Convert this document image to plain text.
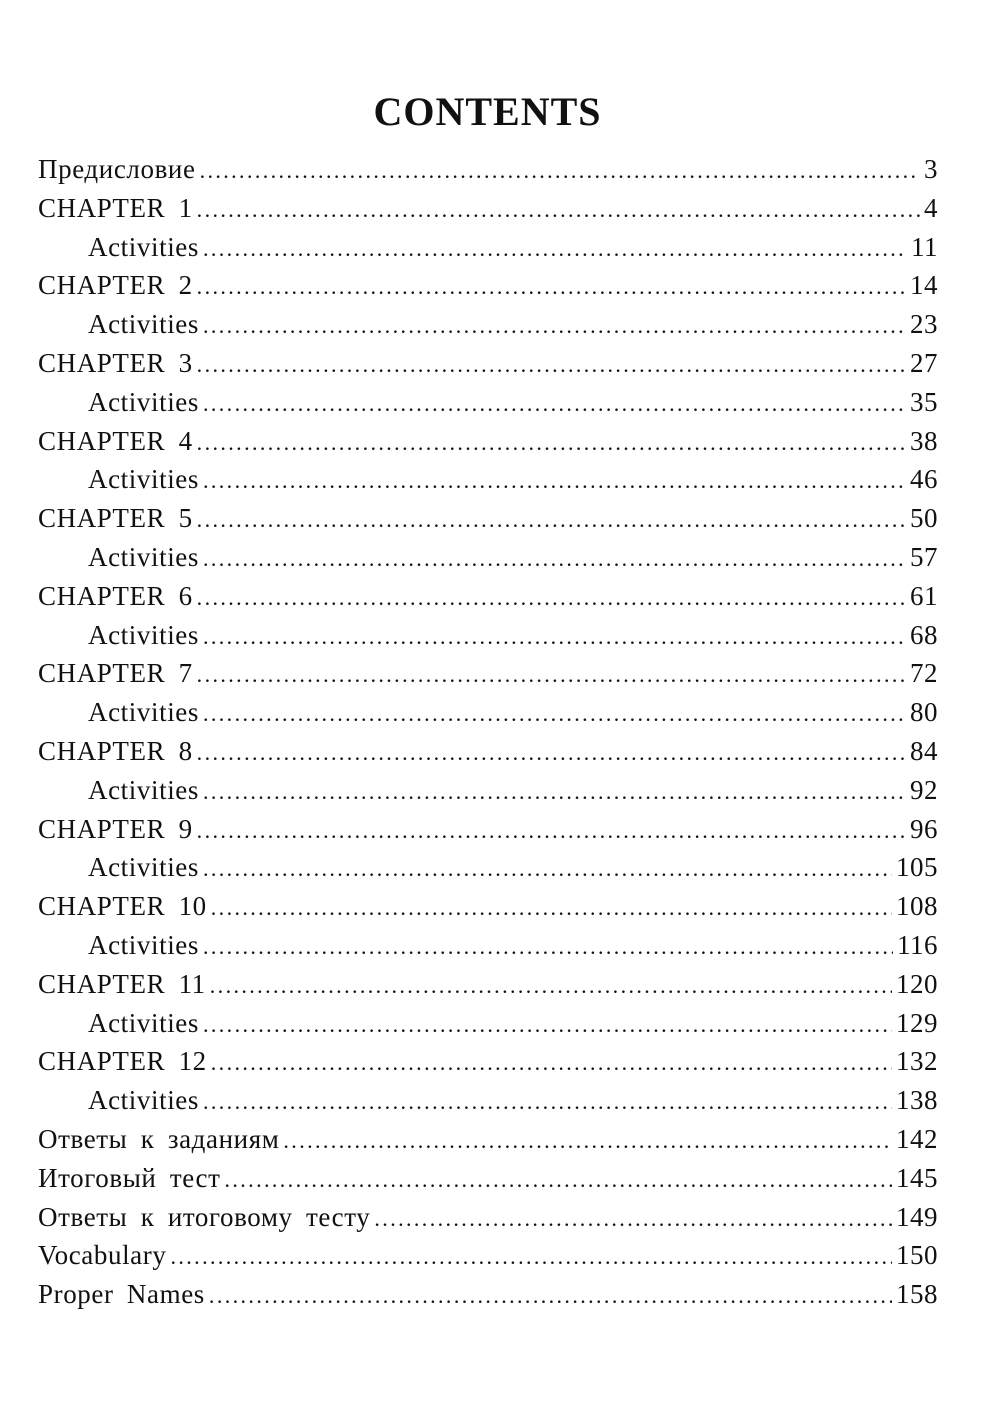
CONTENTS
Предисловие .....	3
CHAPTER 1 .....	4
Activities .....	11
CHAPTER 2 .....	14
Activities .....	23
CHAPTER 3 .....	27
Activities .....	35
CHAPTER 4 .....	38
Activities .....	46
CHAPTER 5 .....	50
Activities .....	57
CHAPTER 6 .....	61
Activities .....	68
CHAPTER 7 .....	72
Activities .....	80
CHAPTER 8 .....	84
Activities .....	92
CHAPTER 9 .....	96
Activities .....	105
CHAPTER 10 .....	108
Activities .....	116
CHAPTER 11 .....	120
Activities .....	129
CHAPTER 12 .....	132
Activities .....	138
Ответы к заданиям .....	142
Итоговый тест .....	145
Ответы к итоговому тесту .....	149
Vocabulary .....	150
Proper Names .....	158
